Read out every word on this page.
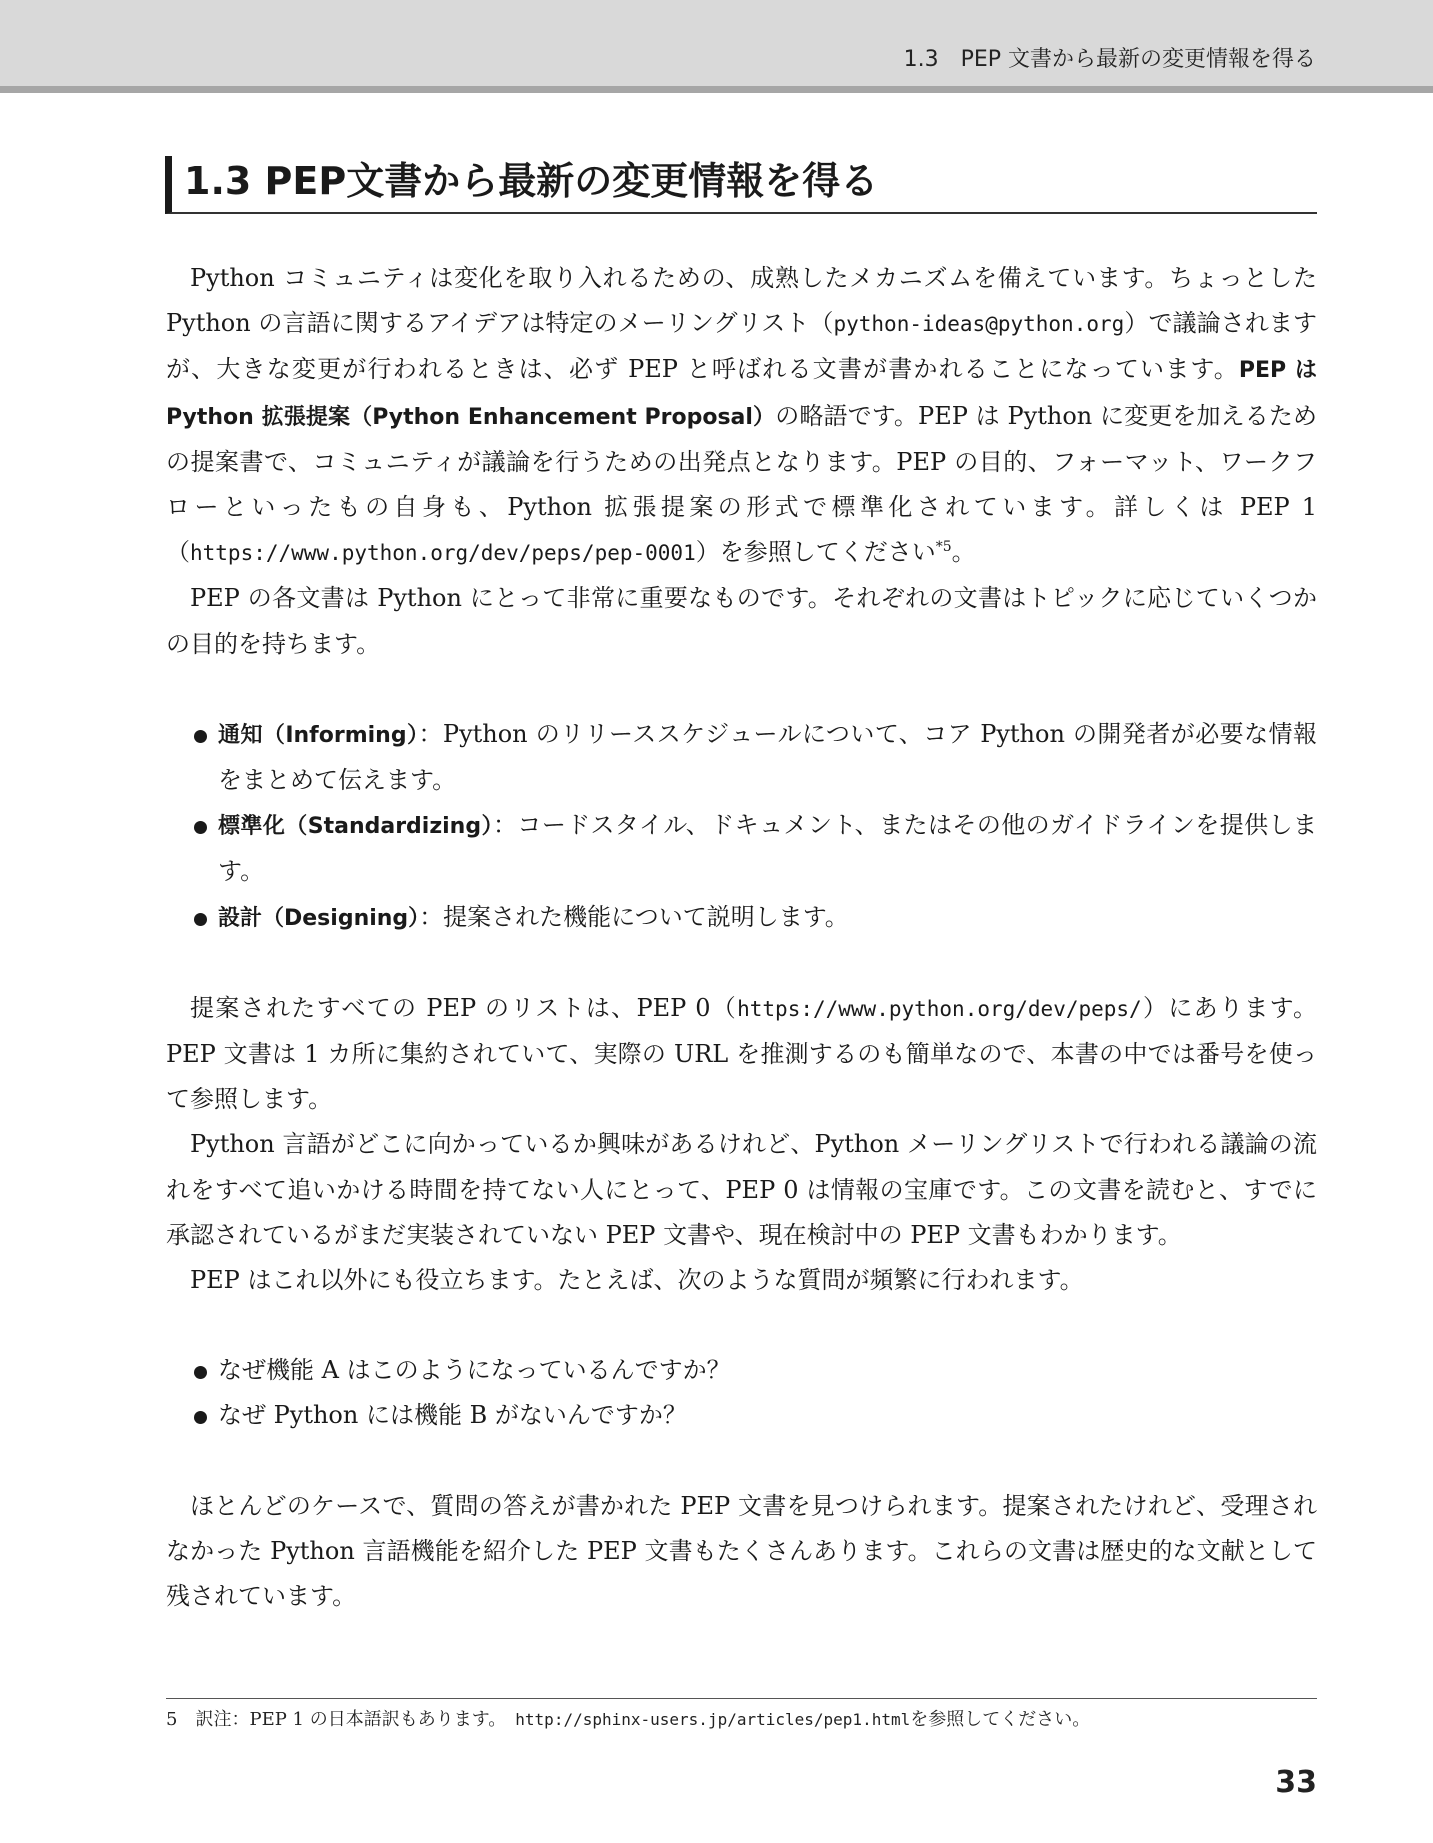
1.3　PEP 文書から最新の変更情報を得る
1.3 PEP文書から最新の変更情報を得る

Python コミュニティは変化を取り入れるための、成熟したメカニズムを備えています。ちょっとした Python の言語に関するアイデアは特定のメーリングリスト（python-ideas@python.org）で議論されますが、大きな変更が行われるときは、必ず PEP と呼ばれる文書が書かれることになっています。PEP は Python 拡張提案（Python Enhancement Proposal）の略語です。PEP は Python に変更を加えるための提案書で、コミュニティが議論を行うための出発点となります。PEP の目的、フォーマット、ワークフローといったもの自身も、Python 拡張提案の形式で標準化されています。詳しくは PEP 1（https://www.python.org/dev/peps/pep-0001）を参照してください$^{*5}$。

PEP の各文書は Python にとって非常に重要なものです。それぞれの文書はトピックに応じていくつかの目的を持ちます。

通知（Informing）：Python のリリーススケジュールについて、コア Python の開発者が必要な情報をまとめて伝えます。
標準化（Standardizing）：コードスタイル、ドキュメント、またはその他のガイドラインを提供します。
設計（Designing）：提案された機能について説明します。

提案されたすべての PEP のリストは、PEP 0（https://www.python.org/dev/peps/）にあります。PEP 文書は 1 カ所に集約されていて、実際の URL を推測するのも簡単なので、本書の中では番号を使って参照します。

Python 言語がどこに向かっているか興味があるけれど、Python メーリングリストで行われる議論の流れをすべて追いかける時間を持てない人にとって、PEP 0 は情報の宝庫です。この文書を読むと、すでに承認されているがまだ実装されていない PEP 文書や、現在検討中の PEP 文書もわかります。

PEP はこれ以外にも役立ちます。たとえば、次のような質問が頻繁に行われます。

なぜ機能 A はこのようになっているんですか？
なぜ Python には機能 B がないんですか？

ほとんどのケースで、質問の答えが書かれた PEP 文書を見つけられます。提案されたけれど、受理されなかった Python 言語機能を紹介した PEP 文書もたくさんあります。これらの文書は歴史的な文献として残されています。

5　 訳注：PEP 1 の日本語訳もあります。　 http://sphinx-users.jp/articles/pep1.htmlを参照してください。
33
